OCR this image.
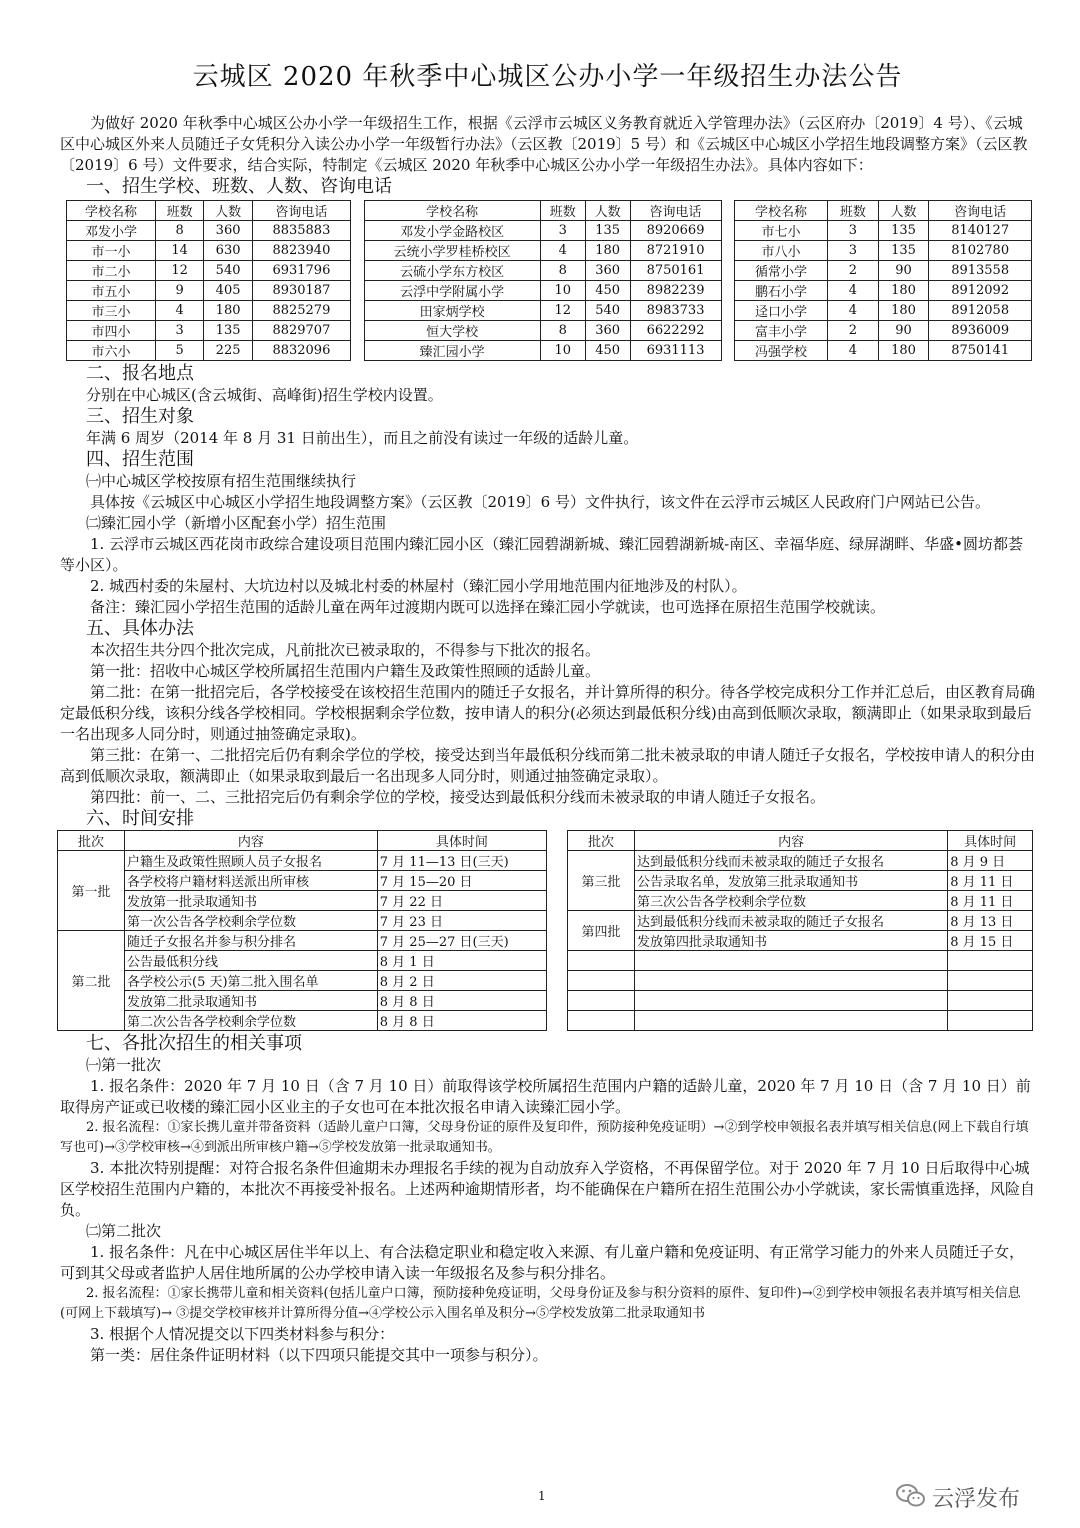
云城区 2020 年秋季中心城区公办小学一年级招生办法公告

为做好 2020 年秋季中心城区公办小学一年级招生工作，根据《云浮市云城区义务教育就近入学管理办法》（云区府办〔2019〕4 号）、《云城区中心城区外来人员随迁子女凭积分入读公办小学一年级暂行办法》（云区教〔2019〕5 号）和《云城区中心城区小学招生地段调整方案》（云区教〔2019〕6 号）文件要求，结合实际，特制定《云城区 2020 年秋季中心城区公办小学一年级招生办法》。具体内容如下：

一、招生学校、班数、人数、咨询电话

学校名称	班数	人数	咨询电话
邓发小学	8	360	8835883
市一小	14	630	8823940
市二小	12	540	6931796
市五小	9	405	8930187
市三小	4	180	8825279
市四小	3	135	8829707
市六小	5	225	8832096
学校名称	班数	人数	咨询电话
邓发小学金路校区	3	135	8920669
云统小学罗桂桥校区	4	180	8721910
云硫小学东方校区	8	360	8750161
云浮中学附属小学	10	450	8982239
田家炳学校	12	540	8983733
恒大学校	8	360	6622292
臻汇园小学	10	450	6931113
学校名称	班数	人数	咨询电话
市七小	3	135	8140127
市八小	3	135	8102780
循常小学	2	90	8913558
鹏石小学	4	180	8912092
迳口小学	4	180	8912058
富丰小学	2	90	8936009
冯强学校	4	180	8750141

二、报名地点

分别在中心城区(含云城街、高峰街)招生学校内设置。

三、招生对象

年满 6 周岁（2014 年 8 月 31 日前出生），而且之前没有读过一年级的适龄儿童。

四、招生范围

㈠中心城区学校按原有招生范围继续执行

具体按《云城区中心城区小学招生地段调整方案》（云区教〔2019〕6 号）文件执行，该文件在云浮市云城区人民政府门户网站已公告。

㈡臻汇园小学（新增小区配套小学）招生范围

1. 云浮市云城区西花岗市政综合建设项目范围内臻汇园小区（臻汇园碧湖新城、臻汇园碧湖新城-南区、幸福华庭、绿屏湖畔、华盛•圆坊都荟等小区）。

2. 城西村委的朱屋村、大坑边村以及城北村委的林屋村（臻汇园小学用地范围内征地涉及的村队）。

备注：臻汇园小学招生范围的适龄儿童在两年过渡期内既可以选择在臻汇园小学就读，也可选择在原招生范围学校就读。

五、具体办法

本次招生共分四个批次完成，凡前批次已被录取的，不得参与下批次的报名。

第一批：招收中心城区学校所属招生范围内户籍生及政策性照顾的适龄儿童。

第二批：在第一批招完后，各学校接受在该校招生范围内的随迁子女报名，并计算所得的积分。待各学校完成积分工作并汇总后，由区教育局确定最低积分线，该积分线各学校相同。学校根据剩余学位数，按申请人的积分(必须达到最低积分线)由高到低顺次录取，额满即止（如果录取到最后一名出现多人同分时，则通过抽签确定录取)。

第三批：在第一、二批招完后仍有剩余学位的学校，接受达到当年最低积分线而第二批未被录取的申请人随迁子女报名，学校按申请人的积分由高到低顺次录取，额满即止（如果录取到最后一名出现多人同分时，则通过抽签确定录取）。

第四批：前一、二、三批招完后仍有剩余学位的学校，接受达到最低积分线而未被录取的申请人随迁子女报名。

六、时间安排

批次	内容	具体时间
第一批	户籍生及政策性照顾人员子女报名	7 月 11—13 日(三天)
	各学校将户籍材料送派出所审核	7 月 15—20 日
	发放第一批录取通知书	7 月 22 日
	第一次公告各学校剩余学位数	7 月 23 日
第二批	随迁子女报名并参与积分排名	7 月 25—27 日(三天)
	公告最低积分线	8 月 1 日
	各学校公示(5 天)第二批入围名单	8 月 2 日
	发放第二批录取通知书	8 月 8 日
	第二次公告各学校剩余学位数	8 月 8 日
批次	内容	具体时间
第三批	达到最低积分线而未被录取的随迁子女报名	8 月 9 日
	公告录取名单，发放第三批录取通知书	8 月 11 日
	第三次公告各学校剩余学位数	8 月 11 日
第四批	达到最低积分线而未被录取的随迁子女报名	8 月 13 日
	发放第四批录取通知书	8 月 15 日

七、各批次招生的相关事项

㈠第一批次

1. 报名条件：2020 年 7 月 10 日（含 7 月 10 日）前取得该学校所属招生范围内户籍的适龄儿童，2020 年 7 月 10 日（含 7 月 10 日）前取得房产证或已收楼的臻汇园小区业主的子女也可在本批次报名申请入读臻汇园小学。

2. 报名流程：①家长携儿童并带备资料（适龄儿童户口簿，父母身份证的原件及复印件，预防接种免疫证明）→②到学校申领报名表并填写相关信息(网上下载自行填写也可)→③学校审核→④到派出所审核户籍→⑤学校发放第一批录取通知书。

3. 本批次特别提醒：对符合报名条件但逾期未办理报名手续的视为自动放弃入学资格，不再保留学位。对于 2020 年 7 月 10 日后取得中心城区学校招生范围内户籍的，本批次不再接受补报名。上述两种逾期情形者，均不能确保在户籍所在招生范围公办小学就读，家长需慎重选择，风险自负。

㈡第二批次

1. 报名条件：凡在中心城区居住半年以上、有合法稳定职业和稳定收入来源、有儿童户籍和免疫证明、有正常学习能力的外来人员随迁子女，可到其父母或者监护人居住地所属的公办学校申请入读一年级报名及参与积分排名。

2. 报名流程：①家长携带儿童和相关资料(包括儿童户口簿，预防接种免疫证明，父母身份证及参与积分资料的原件、复印件)→②到学校申领报名表并填写相关信息(可网上下载填写)→ ③提交学校审核并计算所得分值→④学校公示入围名单及积分→⑤学校发放第二批录取通知书

3. 根据个人情况提交以下四类材料参与积分：

第一类：居住条件证明材料（以下四项只能提交其中一项参与积分）。

1	云浮发布
